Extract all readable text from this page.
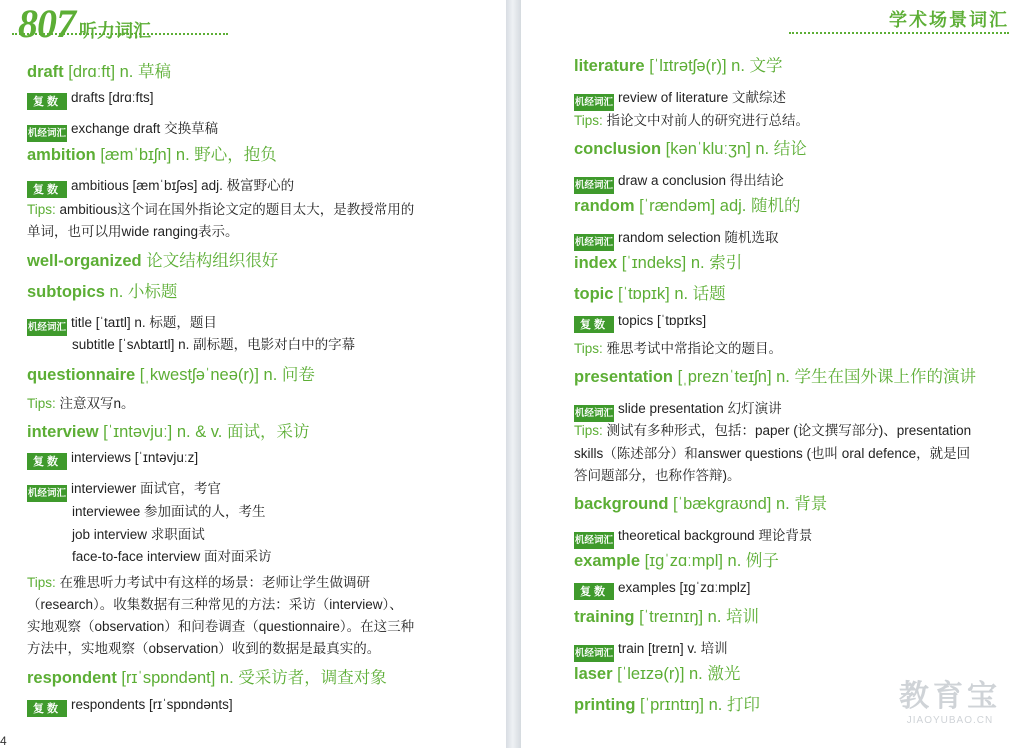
807 听力词汇
draft [drɑːft] n. 草稿
复数 drafts [drɑːfts]
机经词汇 exchange draft 交换草稿
ambition [æmˈbɪʃn] n. 野心，抱负
复数 ambitious [æmˈbɪʃəs] adj. 极富野心的
Tips: ambitious这个词在国外指论文定的题目太大，是教授常用的
单词，也可以用wide ranging表示。
well-organized 论文结构组织很好
subtopics n. 小标题
机经词汇 title [ˈtaɪtl] n. 标题，题目
subtitle [ˈsʌbtaɪtl] n. 副标题，电影对白中的字幕
questionnaire [ˌkwestʃəˈneə(r)] n. 问卷
Tips: 注意双写n。
interview [ˈɪntəvjuː] n. & v. 面试，采访
复数 interviews [ˈɪntəvjuːz]
机经词汇 interviewer 面试官，考官
interviewee 参加面试的人，考生
job interview 求职面试
face-to-face interview 面对面采访
Tips: 在雅思听力考试中有这样的场景：老师让学生做调研
（research）。收集数据有三种常见的方法：采访（interview）、
实地观察（observation）和问卷调查（questionnaire）。在这三种
方法中，实地观察（observation）收到的数据是最真实的。
respondent [rɪˈspɒndənt] n. 受采访者，调查对象
复数 respondents [rɪˈspɒndənts]
4
学术场景词汇
literature [ˈlɪtrətʃə(r)] n. 文学
机经词汇 review of literature 文献综述
Tips: 指论文中对前人的研究进行总结。
conclusion [kənˈkluːʒn] n. 结论
机经词汇 draw a conclusion 得出结论
random [ˈrændəm] adj. 随机的
机经词汇 random selection 随机选取
index [ˈɪndeks] n. 索引
topic [ˈtɒpɪk] n. 话题
复数 topics [ˈtɒpɪks]
Tips: 雅思考试中常指论文的题目。
presentation [ˌpreznˈteɪʃn] n. 学生在国外课上作的演讲
机经词汇 slide presentation 幻灯演讲
Tips: 测试有多种形式，包括：paper (论文撰写部分)、presentation
skills（陈述部分）和answer questions (也叫 oral defence，就是回
答问题部分，也称作答辩)。
background [ˈbækɡraʊnd] n. 背景
机经词汇 theoretical background 理论背景
example [ɪɡˈzɑːmpl] n. 例子
复数 examples [ɪɡˈzɑːmplz]
training [ˈtreɪnɪŋ] n. 培训
机经词汇 train [treɪn] v. 培训
laser [ˈleɪzə(r)] n. 激光
printing [ˈprɪntɪŋ] n. 打印	教育宝
JIAOYUBAO.CN
